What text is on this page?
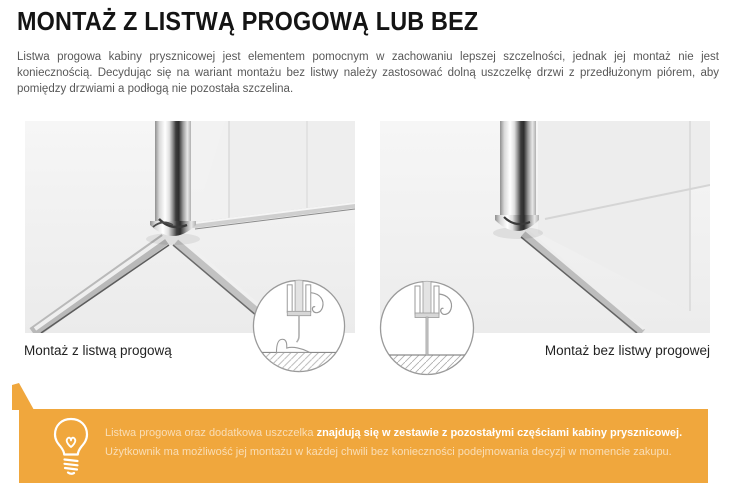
MONTAŻ Z LISTWĄ PROGOWĄ LUB BEZ

Listwa progowa kabiny prysznicowej jest elementem pomocnym w zachowaniu lepszej szczelności, jednak jej montaż nie jest koniecznością. Decydując się na wariant montażu bez listwy należy zastosować dolną uszczelkę drzwi z przedłużonym piórem, aby pomiędzy drzwiami a podłogą nie pozostała szczelina.

Montaż z listwą progową	Montaż bez listwy progowej

Listwa progowa oraz dodatkowa uszczelka znajdują się w zestawie z pozostałymi częściami kabiny prysznicowej.
Użytkownik ma możliwość jej montażu w każdej chwili bez konieczności podejmowania decyzji w momencie zakupu.
